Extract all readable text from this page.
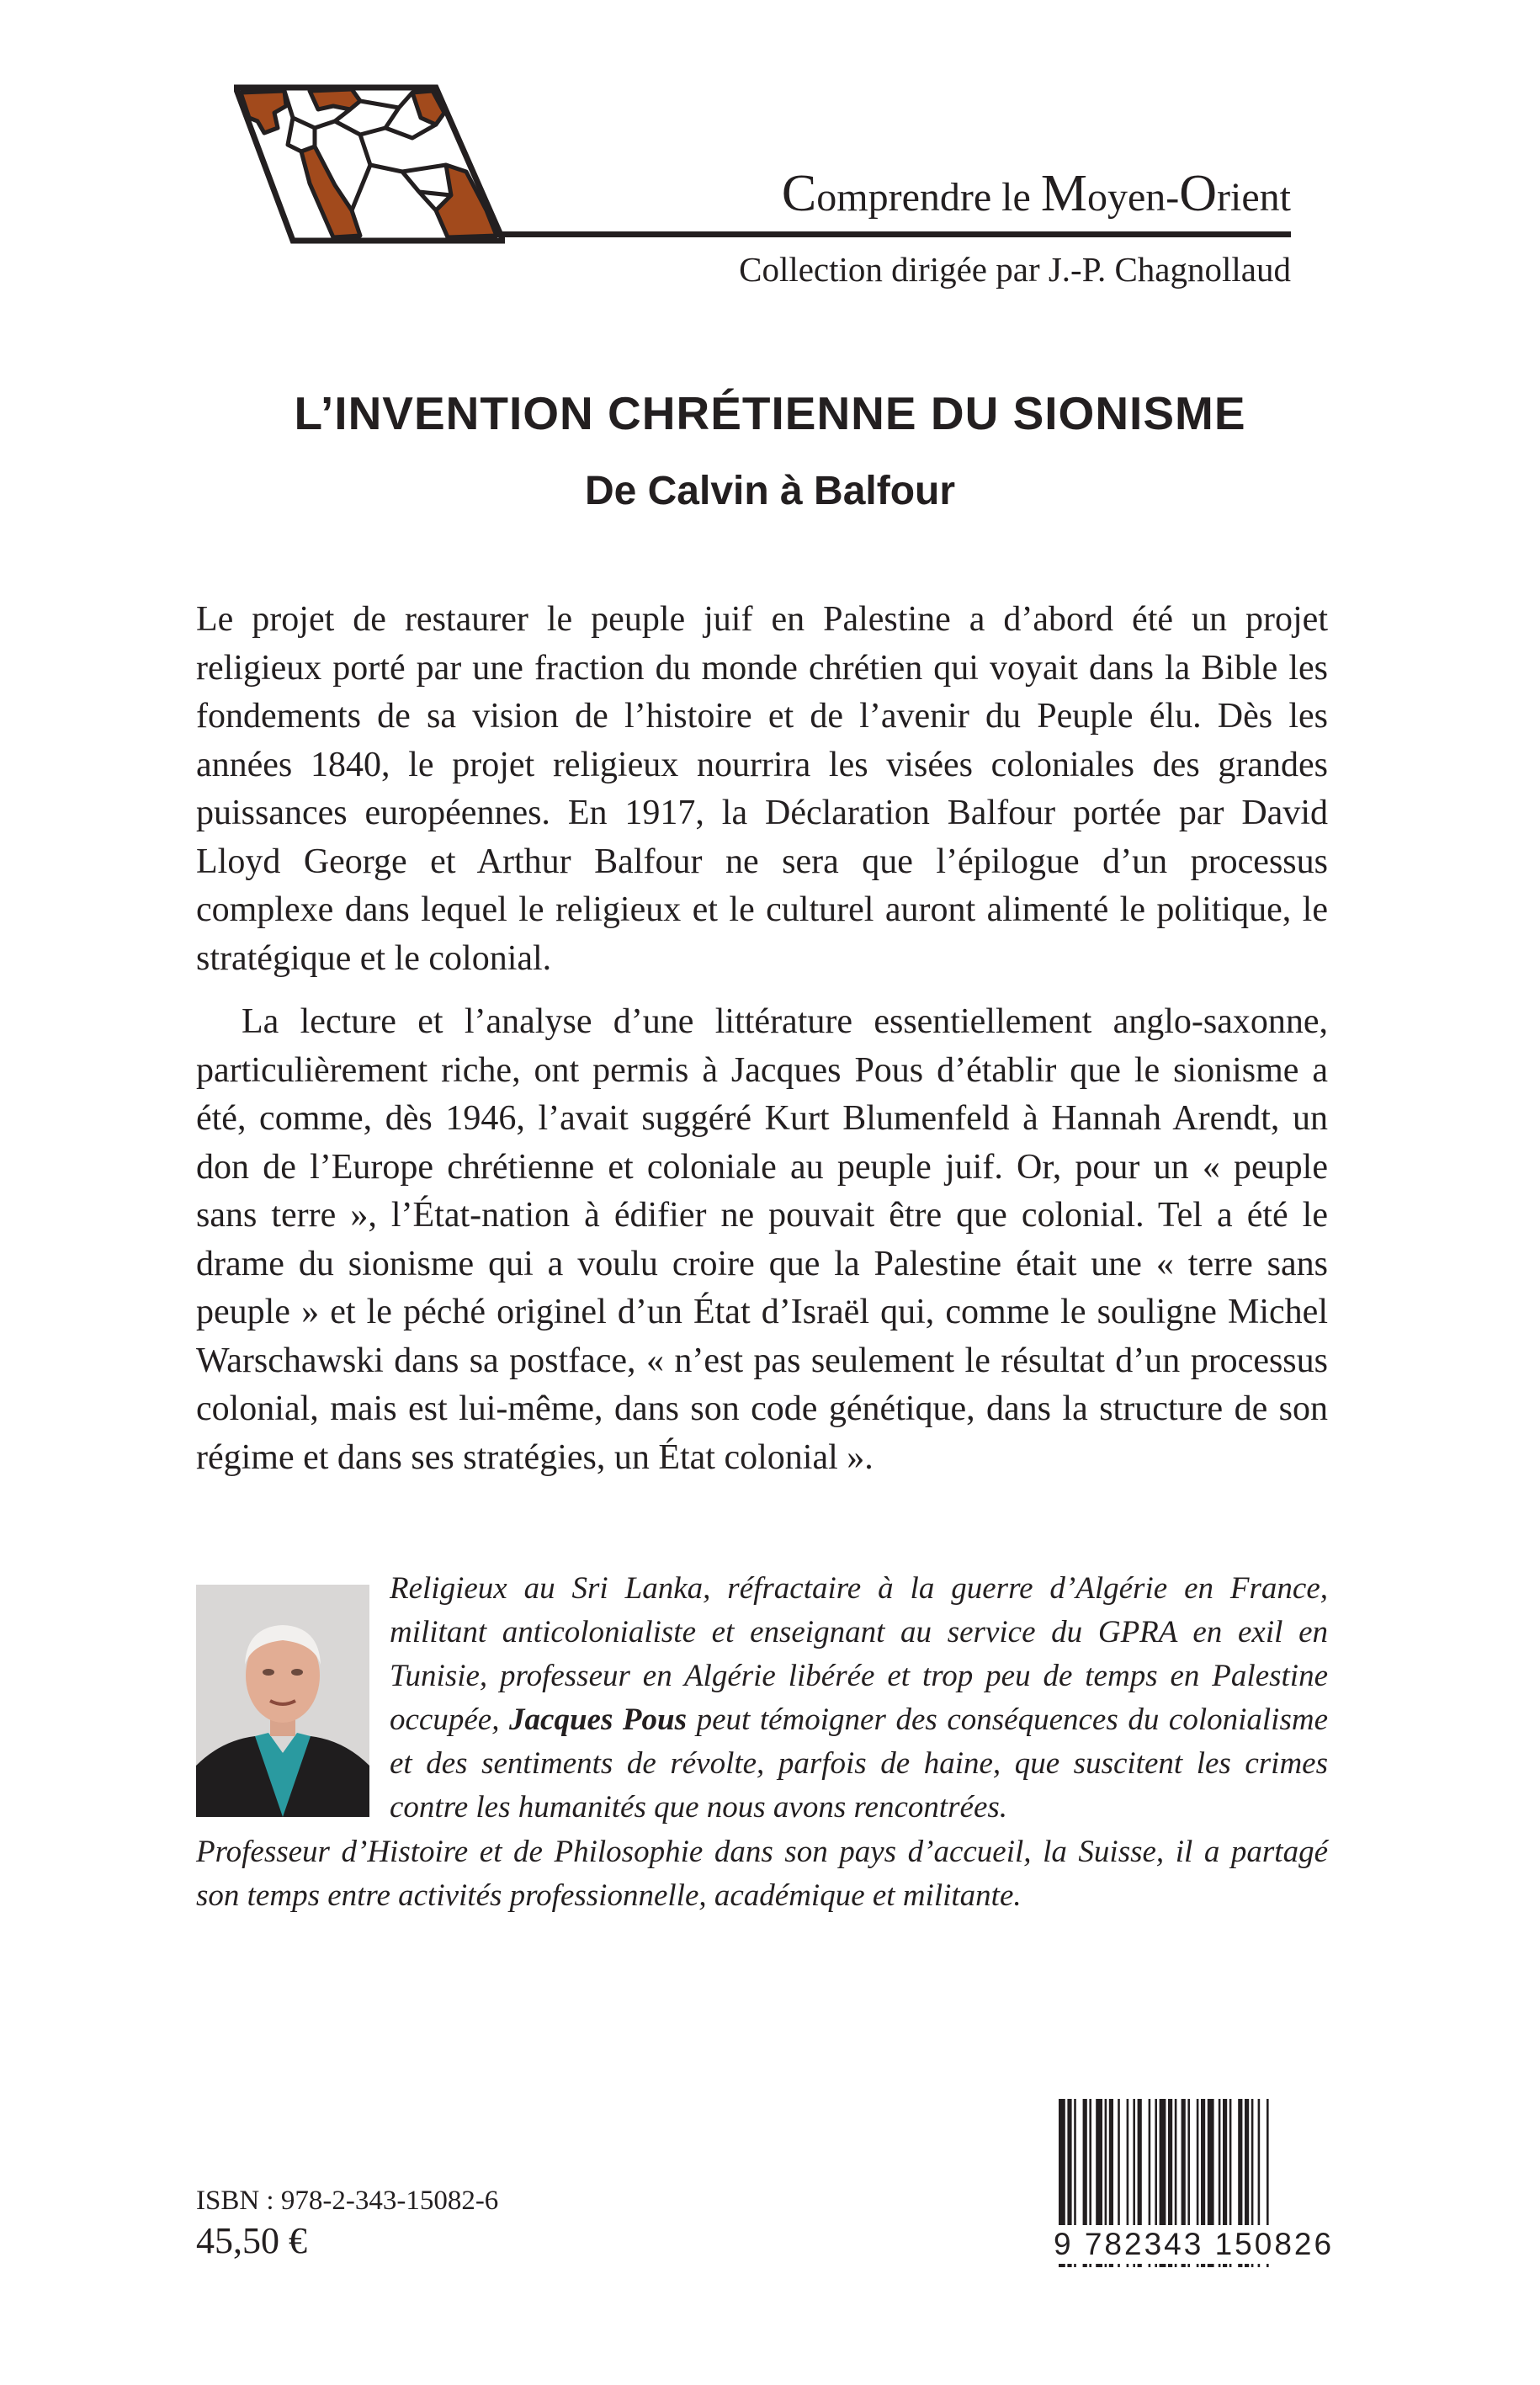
Comprendre le Moyen-Orient
Collection dirigée par J.-P. Chagnollaud
L’INVENTION CHRÉTIENNE DU SIONISME
De Calvin à Balfour

Le projet de restaurer le peuple juif en Palestine a d’abord été un projet religieux porté par une fraction du monde chrétien qui voyait dans la Bible les fondements de sa vision de l’histoire et de l’avenir du Peuple élu. Dès les années 1840, le projet religieux nourrira les visées coloniales des grandes puissances européennes. En 1917, la Déclaration Balfour portée par David Lloyd George et Arthur Balfour ne sera que l’épilogue d’un processus complexe dans lequel le religieux et le culturel auront alimenté le politique, le stratégique et le colonial.

La lecture et l’analyse d’une littérature essentiellement anglo-saxonne, particulièrement riche, ont permis à Jacques Pous d’établir que le sionisme a été, comme, dès 1946, l’avait suggéré Kurt Blumenfeld à Hannah Arendt, un don de l’Europe chrétienne et coloniale au peuple juif. Or, pour un « peuple sans terre », l’État-nation à édifier ne pouvait être que colonial. Tel a été le drame du sionisme qui a voulu croire que la Palestine était une « terre sans peuple » et le péché originel d’un État d’Israël qui, comme le souligne Michel Warschawski dans sa postface, « n’est pas seulement le résultat d’un processus colonial, mais est lui-même, dans son code génétique, dans la structure de son régime et dans ses stratégies, un État colonial ».

Religieux au Sri Lanka, réfractaire à la guerre d’Algérie en France, militant anticolonialiste et enseignant au service du GPRA en exil en Tunisie, professeur en Algérie libérée et trop peu de temps en Palestine occupée, Jacques Pous peut témoigner des conséquences du colonialisme et des sentiments de révolte, parfois de haine, que suscitent les crimes contre les humanités que nous avons rencontrées.
Professeur d’Histoire et de Philosophie dans son pays d’accueil, la Suisse, il a partagé son temps entre activités professionnelle, académique et militante.
ISBN : 978-2-343-15082-6
45,50 €	9 782343 150826
